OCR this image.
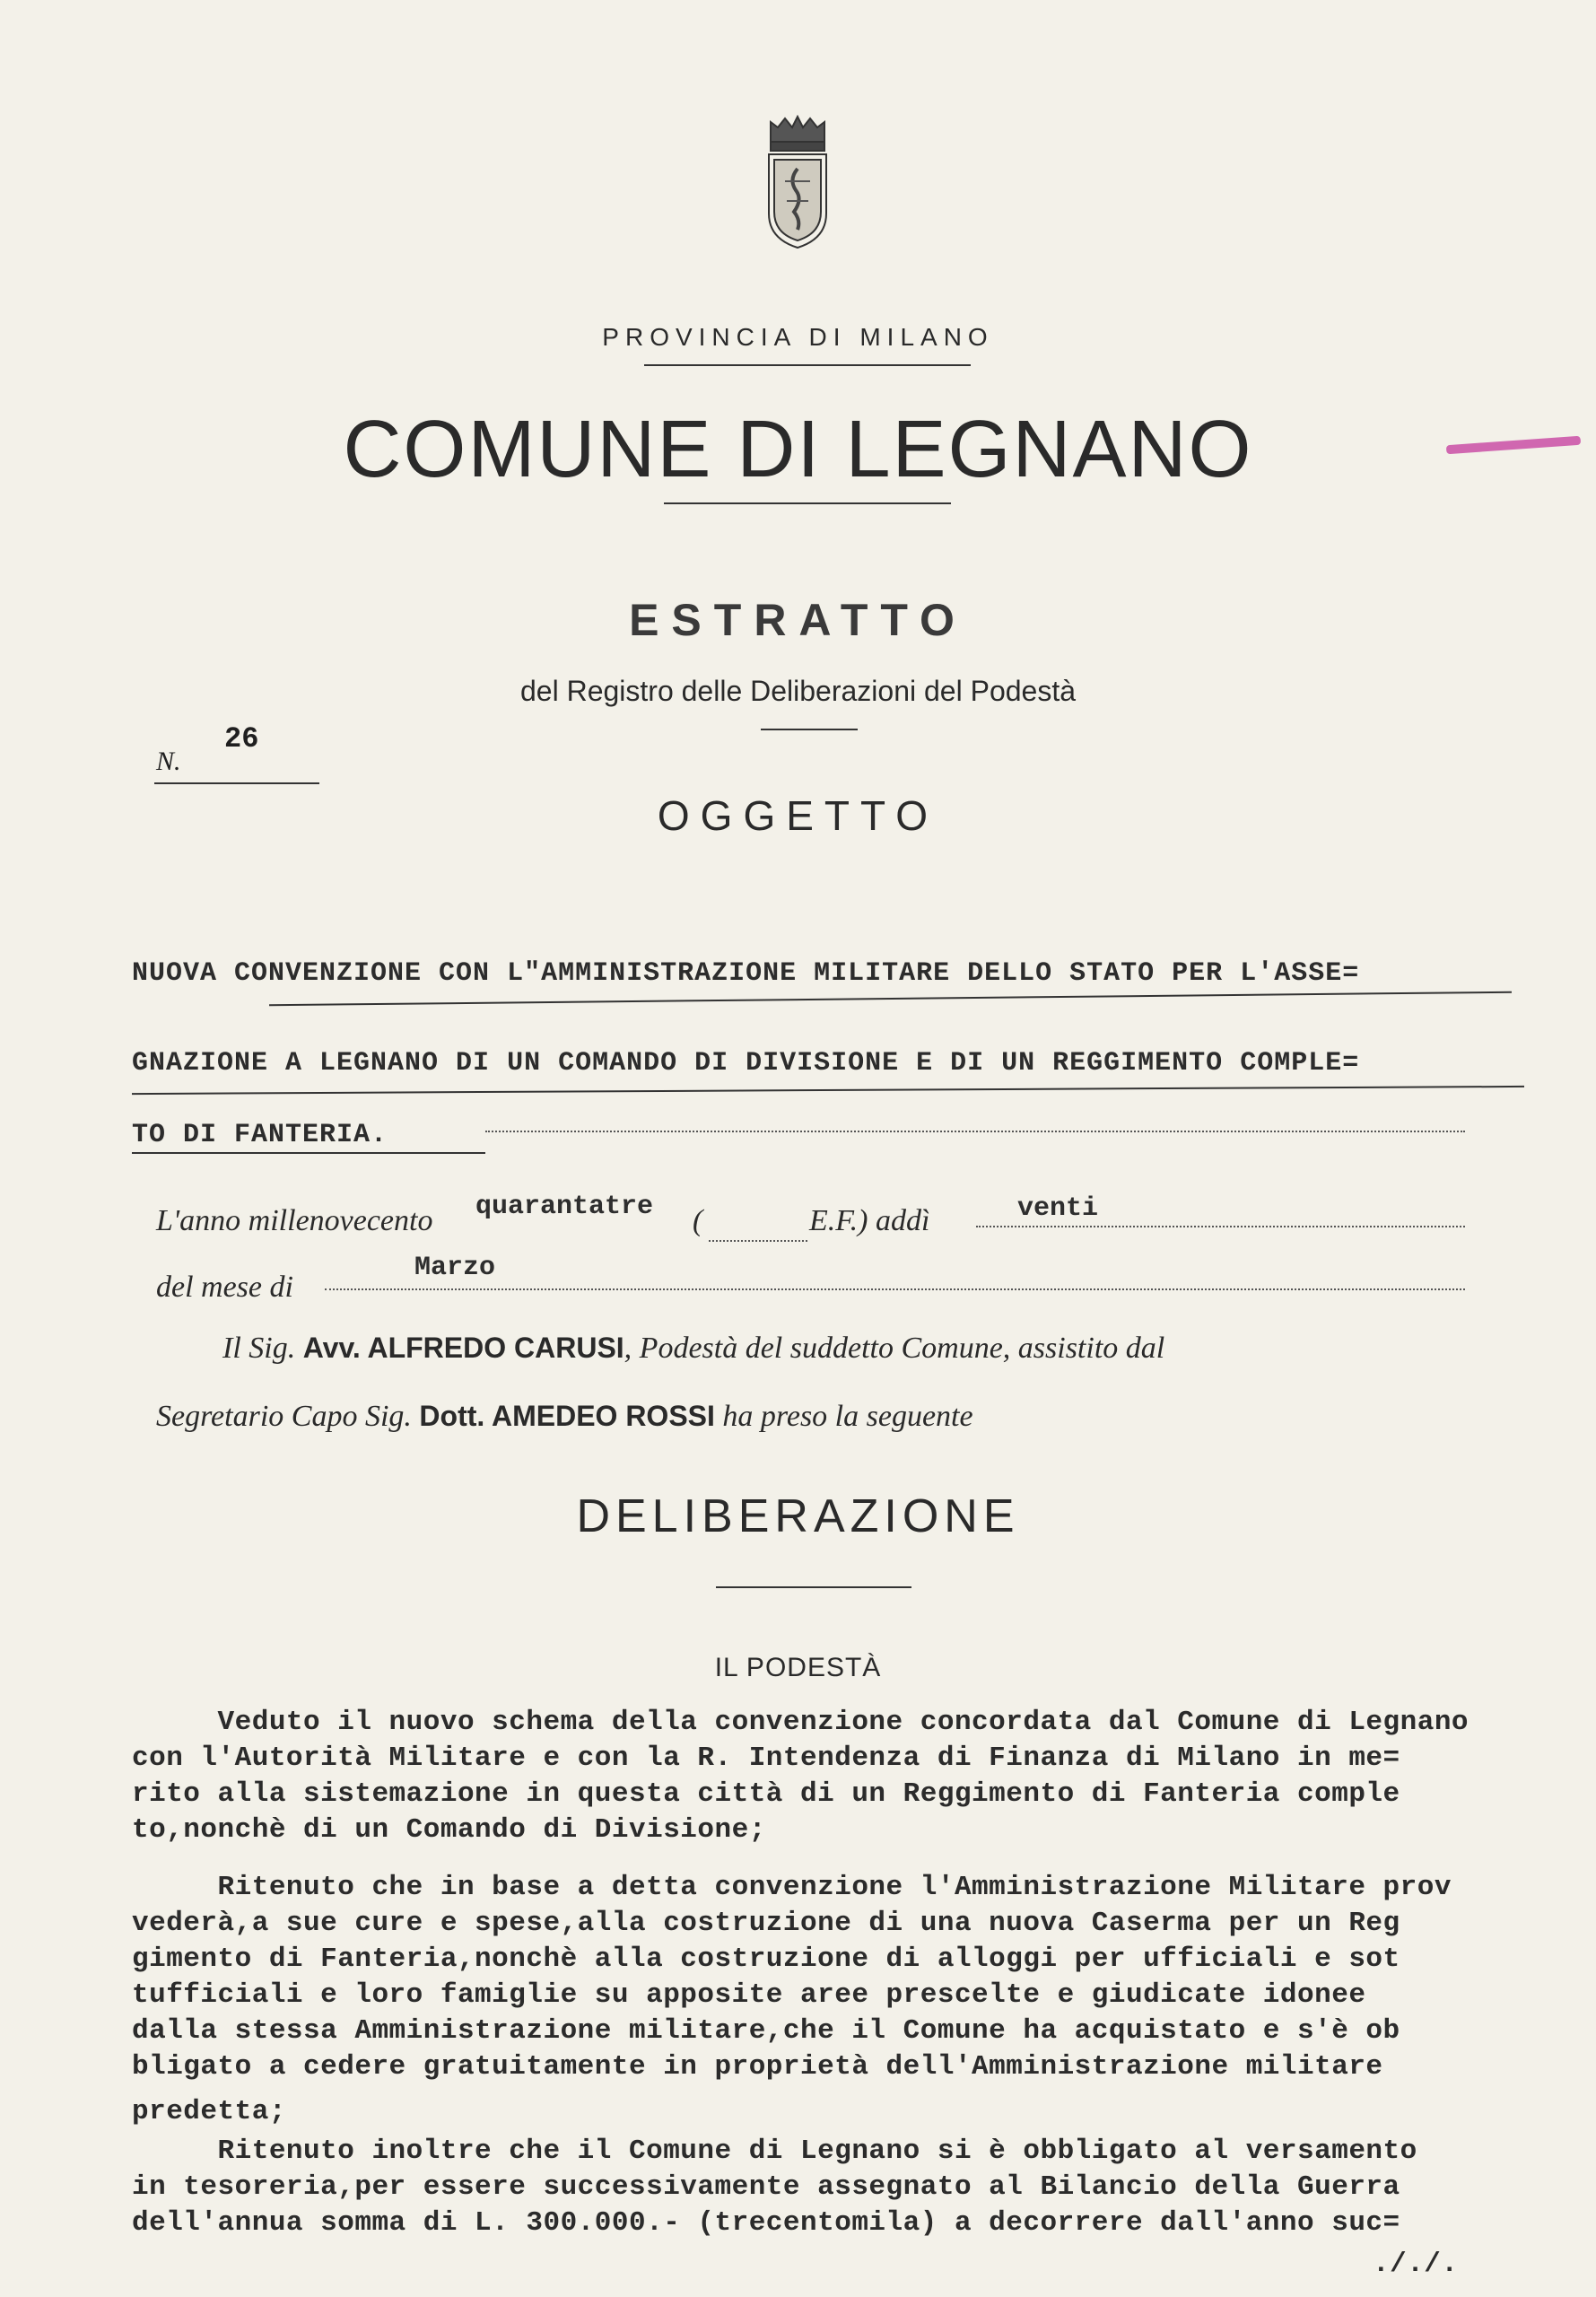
PROVINCIA DI MILANO
COMUNE DI LEGNANO
ESTRATTO
del Registro delle Deliberazioni del Podestà
N.
26
OGGETTO
NUOVA CONVENZIONE CON L"AMMINISTRAZIONE MILITARE DELLO STATO PER L'ASSE=
GNAZIONE A LEGNANO DI UN COMANDO DI DIVISIONE E DI UN REGGIMENTO COMPLE=
TO DI FANTERIA.
L'anno millenovecento quarantatre (	E.F.) addì	venti
del mese di
Marzo
Il Sig. Avv. ALFREDO CARUSI, Podestà del suddetto Comune, assistito dal
Segretario Capo Sig. Dott. AMEDEO ROSSI ha preso la seguente
DELIBERAZIONE
IL PODESTÀ
Veduto il nuovo schema della convenzione concordata dal Comune di Legnano
con l'Autorità Militare e con la R. Intendenza di Finanza di Milano in me=
rito alla sistemazione in questa città di un Reggimento di Fanteria comple
to,nonchè di un Comando di Divisione;
Ritenuto che in base a detta convenzione l'Amministrazione Militare prov
vederà,a sue cure e spese,alla costruzione di una nuova Caserma per un Reg
gimento di Fanteria,nonchè alla costruzione di alloggi per ufficiali e sot
tufficiali e loro famiglie su apposite aree prescelte e giudicate idonee
dalla stessa Amministrazione militare,che il Comune ha acquistato e s'è ob
bligato a cedere gratuitamente in proprietà dell'Amministrazione militare
predetta;
Ritenuto inoltre che il Comune di Legnano si è obbligato al versamento
in tesoreria,per essere successivamente assegnato al Bilancio della Guerra
dell'annua somma di L. 300.000.- (trecentomila) a decorrere dall'anno suc=
././.
